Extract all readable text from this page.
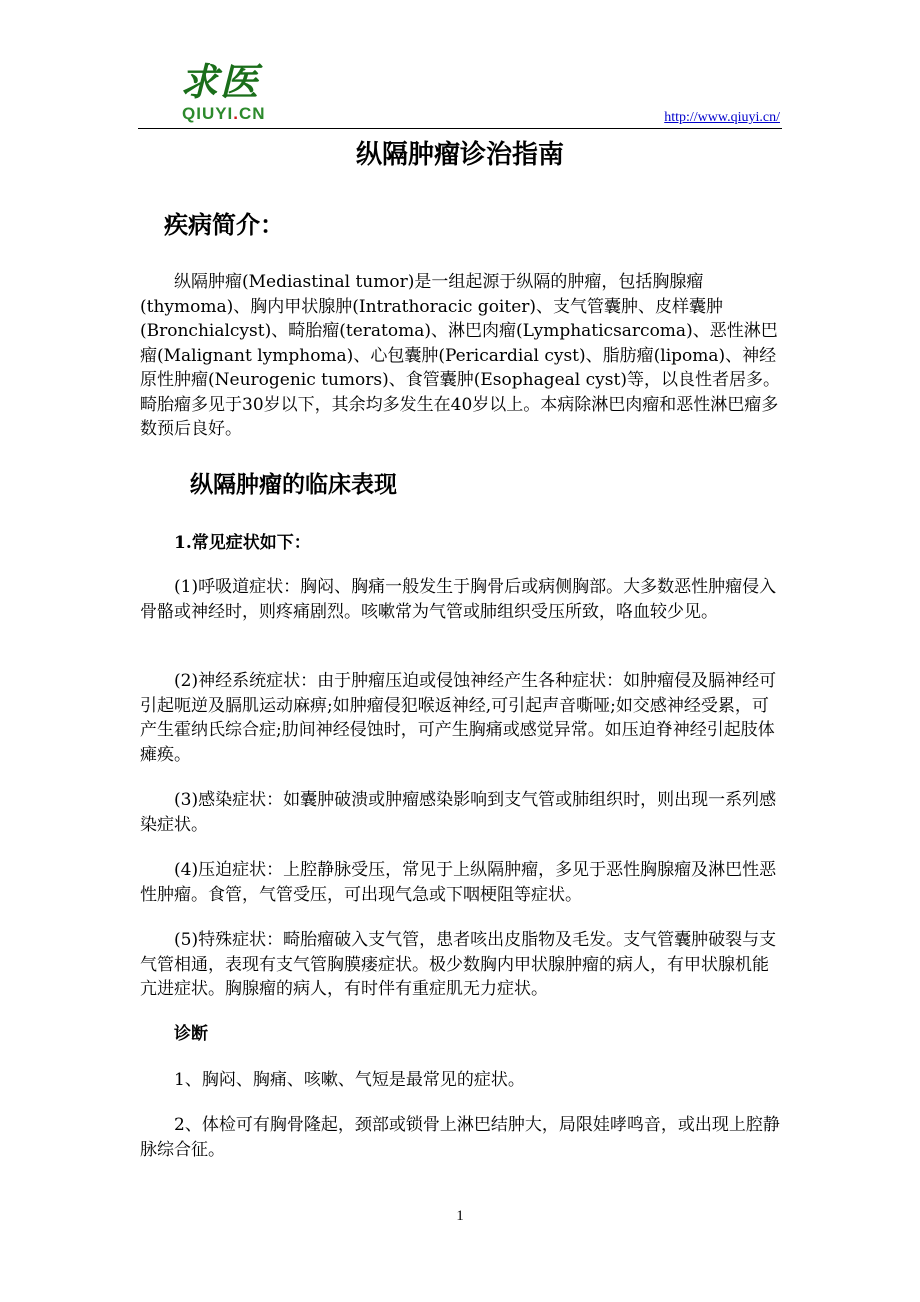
求医
QIUYI.CN	http://www.qiuyi.cn/
纵隔肿瘤诊治指南
疾病简介：
纵隔肿瘤(Mediastinal tumor)是一组起源于纵隔的肿瘤，包括胸腺瘤(thymoma)、胸内甲状腺肿(Intrathoracic goiter)、支气管囊肿、皮样囊肿(Bronchialcyst)、畸胎瘤(teratoma)、淋巴肉瘤(Lymphaticsarcoma)、恶性淋巴瘤(Malignant lymphoma)、心包囊肿(Pericardial cyst)、脂肪瘤(lipoma)、神经原性肿瘤(Neurogenic tumors)、食管囊肿(Esophageal cyst)等，以良性者居多。畸胎瘤多见于30岁以下，其余均多发生在40岁以上。本病除淋巴肉瘤和恶性淋巴瘤多数预后良好。
纵隔肿瘤的临床表现
1.常见症状如下：
(1)呼吸道症状：胸闷、胸痛一般发生于胸骨后或病侧胸部。大多数恶性肿瘤侵入骨骼或神经时，则疼痛剧烈。咳嗽常为气管或肺组织受压所致，咯血较少见。
(2)神经系统症状：由于肿瘤压迫或侵蚀神经产生各种症状：如肿瘤侵及膈神经可引起呃逆及膈肌运动麻痹;如肿瘤侵犯喉返神经,可引起声音嘶哑;如交感神经受累，可产生霍纳氏综合症;肋间神经侵蚀时，可产生胸痛或感觉异常。如压迫脊神经引起肢体瘫痪。
(3)感染症状：如囊肿破溃或肿瘤感染影响到支气管或肺组织时，则出现一系列感染症状。
(4)压迫症状：上腔静脉受压，常见于上纵隔肿瘤，多见于恶性胸腺瘤及淋巴性恶性肿瘤。食管，气管受压，可出现气急或下咽梗阻等症状。
(5)特殊症状：畸胎瘤破入支气管，患者咳出皮脂物及毛发。支气管囊肿破裂与支气管相通，表现有支气管胸膜瘘症状。极少数胸内甲状腺肿瘤的病人，有甲状腺机能亢进症状。胸腺瘤的病人，有时伴有重症肌无力症状。
诊断
1、胸闷、胸痛、咳嗽、气短是最常见的症状。
2、体检可有胸骨隆起，颈部或锁骨上淋巴结肿大，局限娃哮鸣音，或出现上腔静脉综合征。
1
